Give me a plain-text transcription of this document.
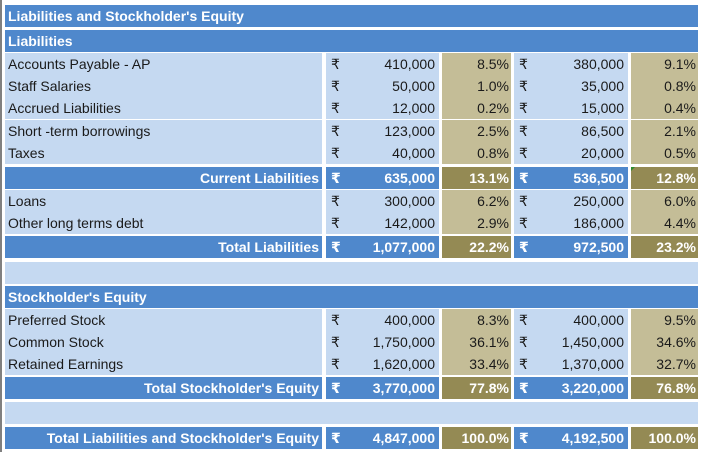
Liabilities and Stockholder's Equity
Liabilities
Accounts Payable - AP	₹	410,000	8.5% ₹	380,000	9.1%
Staff Salaries	₹	50,000	1.0% ₹	35,000	0.8%
Accrued Liabilities	₹	12,000	0.2% ₹	15,000	0.4%
Short -term borrowings	₹	123,000	2.5% ₹	86,500	2.1%
Taxes	₹	40,000	0.8% ₹	20,000	0.5%
Current Liabilities ₹	635,000	13.1% ₹	536,500	12.8%
Loans	₹	300,000	6.2% ₹	250,000	6.0%
Other long terms debt	₹	142,000	2.9% ₹	186,000	4.4%
Total Liabilities ₹ 1,077,000	22.2% ₹	972,500	23.2%
Stockholder's Equity
Preferred Stock	₹	400,000	8.3% ₹	400,000	9.5%
Common Stock	₹ 1,750,000	36.1% ₹ 1,450,000	34.6%
Retained Earnings	₹ 1,620,000	33.4% ₹ 1,370,000	32.7%
Total Stockholder's Equity ₹ 3,770,000	77.8% ₹ 3,220,000	76.8%
Total Liabilities and Stockholder's Equity ₹ 4,847,000	100.0% ₹ 4,192,500	100.0%
